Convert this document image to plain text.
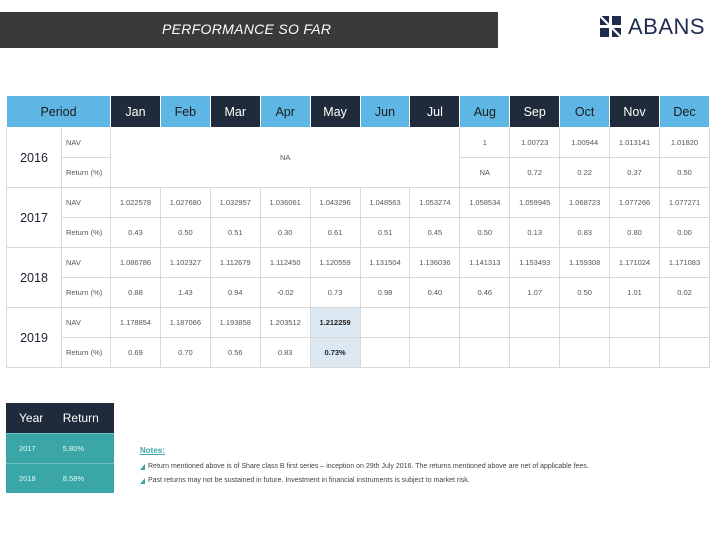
PERFORMANCE SO FAR	ABANS
Period		Jan	Feb	Mar	Apr	May	Jun	Jul	Aug	Sep	Oct	Nov	Dec
2016	NAV	NA							1	1.00723	1.00944	1.013141	1.01820
	Return (%)								NA	0.72	0.22	0.37	0.50
2017	NAV	1.022578	1.027680	1.032957	1.036061	1.043296	1.048563	1.053274	1.058534	1.059945	1.068723	1.077266	1.077271
	Return (%)	0.43	0.50	0.51	0.30	0.61	0.51	0.45	0.50	0.13	0.83	0.80	0.00
2018	NAV	1.086786	1.102327	1.112679	1.112450	1.120559	1.131504	1.136036	1.141313	1.153493	1.159308	1.171024	1.171083
	Return (%)	0.88	1.43	0.94	-0.02	0.73	0.98	0.40	0.46	1.07	0.50	1.01	0.02
2019	NAV	1.178854	1.187066	1.193858	1.203512	1.212259							
	Return (%)	0.69	0.70	0.56	0.83	0.73%							
Year	Return
2017	5.80%
2018	8.58%
Notes:
Return mentioned above is of Share class B first series – inception on 29th July 2016. The returns mentioned above are net of applicable fees.
Past returns may not be sustained in future. Investment in financial instruments is subject to market risk.
